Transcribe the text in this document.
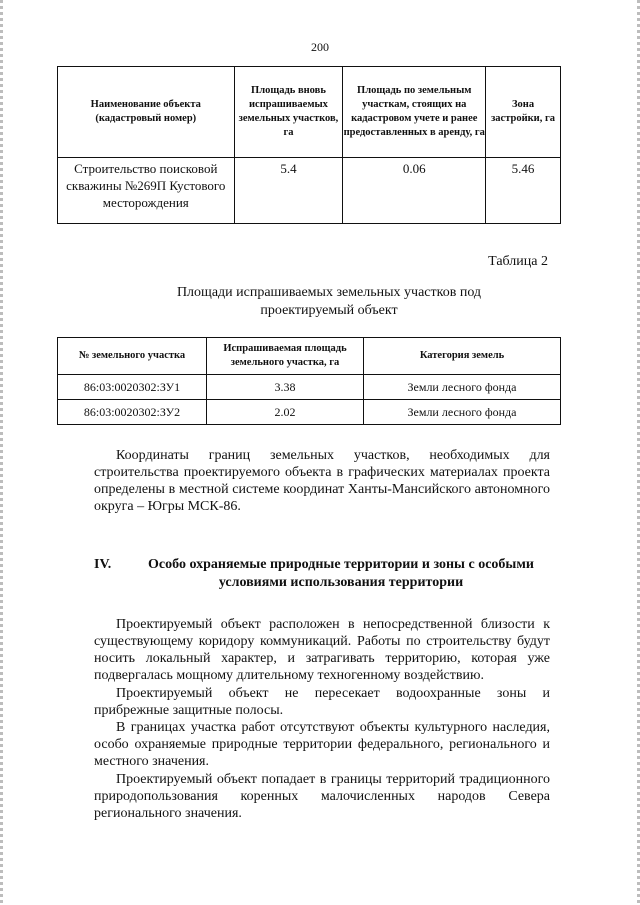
200
Наименование объекта (кадастровый номер)	Площадь вновь испрашиваемых земельных участков, га	Площадь по земельным участкам, стоящих на кадастровом учете и ранее предоставленных в аренду, га	Зона застройки, га
Строительство поисковой скважины №269П Кустового месторождения	5.4	0.06	5.46
Таблица 2
Площади испрашиваемых земельных участков под проектируемый объект
№ земельного участка	Испрашиваемая площадь земельного участка, га	Категория земель
86:03:0020302:ЗУ1	3.38	Земли лесного фонда
86:03:0020302:ЗУ2	2.02	Земли лесного фонда

Координаты границ земельных участков, необходимых для строительства проектируемого объекта в графических материалах проекта определены в местной системе координат Ханты-Мансийского автономного округа – Югры МСК-86.

IV.	Особо охраняемые природные территории и зоны с особыми условиями использования территории

Проектируемый объект расположен в непосредственной близости к существующему коридору коммуникаций. Работы по строительству будут носить локальный характер, и затрагивать территорию, которая уже подвергалась мощному длительному техногенному воздействию.

Проектируемый объект не пересекает водоохранные зоны и прибрежные защитные полосы.

В границах участка работ отсутствуют объекты культурного наследия, особо охраняемые природные территории федерального, регионального и местного значения.

Проектируемый объект попадает в границы территорий традиционного природопользования коренных малочисленных народов Севера регионального значения.
